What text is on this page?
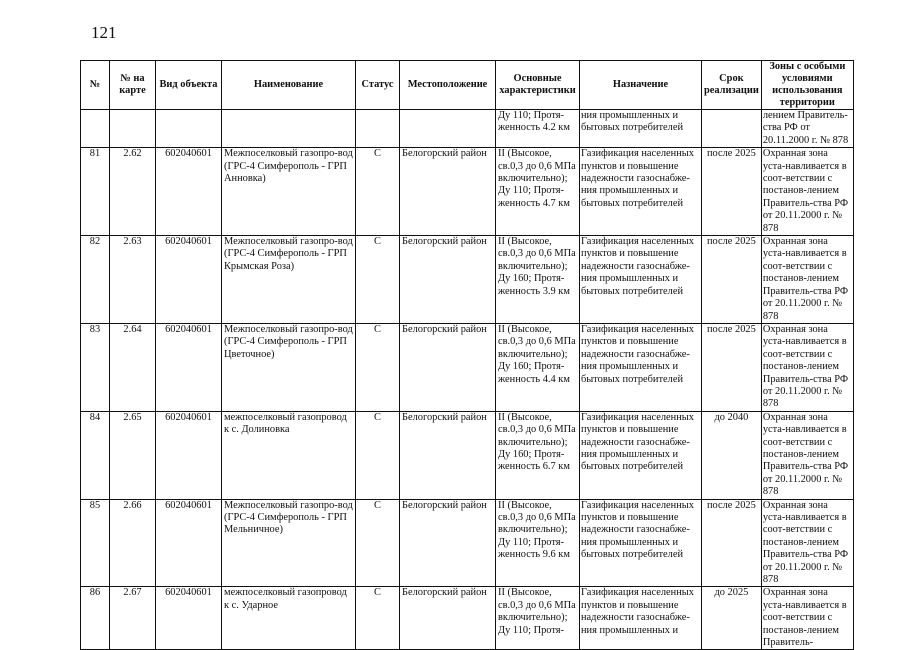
121
№	№ на карте	Вид объекта	Наименование	Статус	Местоположение	Основные характеристики	Назначение	Срок реализации	Зоны с особыми условиями использования территории
						Ду 110; Протя-женность 4.2 км	ния промышленных и бытовых потребителей		лением Правитель-ства РФ от 20.11.2000 г. № 878
81	2.62	602040601	Межпоселковый газопро-вод (ГРС-4 Симферополь - ГРП Анновка)	С	Белогорский район	II (Высокое, св.0,3 до 0,6 МПа включительно); Ду 110; Протя-женность 4.7 км	Газификация населенных пунктов и повышение надежности газоснабже-ния промышленных и бытовых потребителей	после 2025	Охранная зона уста-навливается в соот-ветствии с постанов-лением Правитель-ства РФ от 20.11.2000 г. № 878
82	2.63	602040601	Межпоселковый газопро-вод (ГРС-4 Симферополь - ГРП Крымская Роза)	С	Белогорский район	II (Высокое, св.0,3 до 0,6 МПа включительно); Ду 160; Протя-женность 3.9 км	Газификация населенных пунктов и повышение надежности газоснабже-ния промышленных и бытовых потребителей	после 2025	Охранная зона уста-навливается в соот-ветствии с постанов-лением Правитель-ства РФ от 20.11.2000 г. № 878
83	2.64	602040601	Межпоселковый газопро-вод (ГРС-4 Симферополь - ГРП Цветочное)	С	Белогорский район	II (Высокое, св.0,3 до 0,6 МПа включительно); Ду 160; Протя-женность 4.4 км	Газификация населенных пунктов и повышение надежности газоснабже-ния промышленных и бытовых потребителей	после 2025	Охранная зона уста-навливается в соот-ветствии с постанов-лением Правитель-ства РФ от 20.11.2000 г. № 878
84	2.65	602040601	межпоселковый газопровод к с. Долиновка	С	Белогорский район	II (Высокое, св.0,3 до 0,6 МПа включительно); Ду 160; Протя-женность 6.7 км	Газификация населенных пунктов и повышение надежности газоснабже-ния промышленных и бытовых потребителей	до 2040	Охранная зона уста-навливается в соот-ветствии с постанов-лением Правитель-ства РФ от 20.11.2000 г. № 878
85	2.66	602040601	Межпоселковый газопро-вод (ГРС-4 Симферополь - ГРП Мельничное)	С	Белогорский район	II (Высокое, св.0,3 до 0,6 МПа включительно); Ду 110; Протя-женность 9.6 км	Газификация населенных пунктов и повышение надежности газоснабже-ния промышленных и бытовых потребителей	после 2025	Охранная зона уста-навливается в соот-ветствии с постанов-лением Правитель-ства РФ от 20.11.2000 г. № 878
86	2.67	602040601	межпоселковый газопровод к с. Ударное	С	Белогорский район	II (Высокое, св.0,3 до 0,6 МПа включительно); Ду 110; Протя-	Газификация населенных пунктов и повышение надежности газоснабже-ния промышленных и	до 2025	Охранная зона уста-навливается в соот-ветствии с постанов-лением Правитель-
